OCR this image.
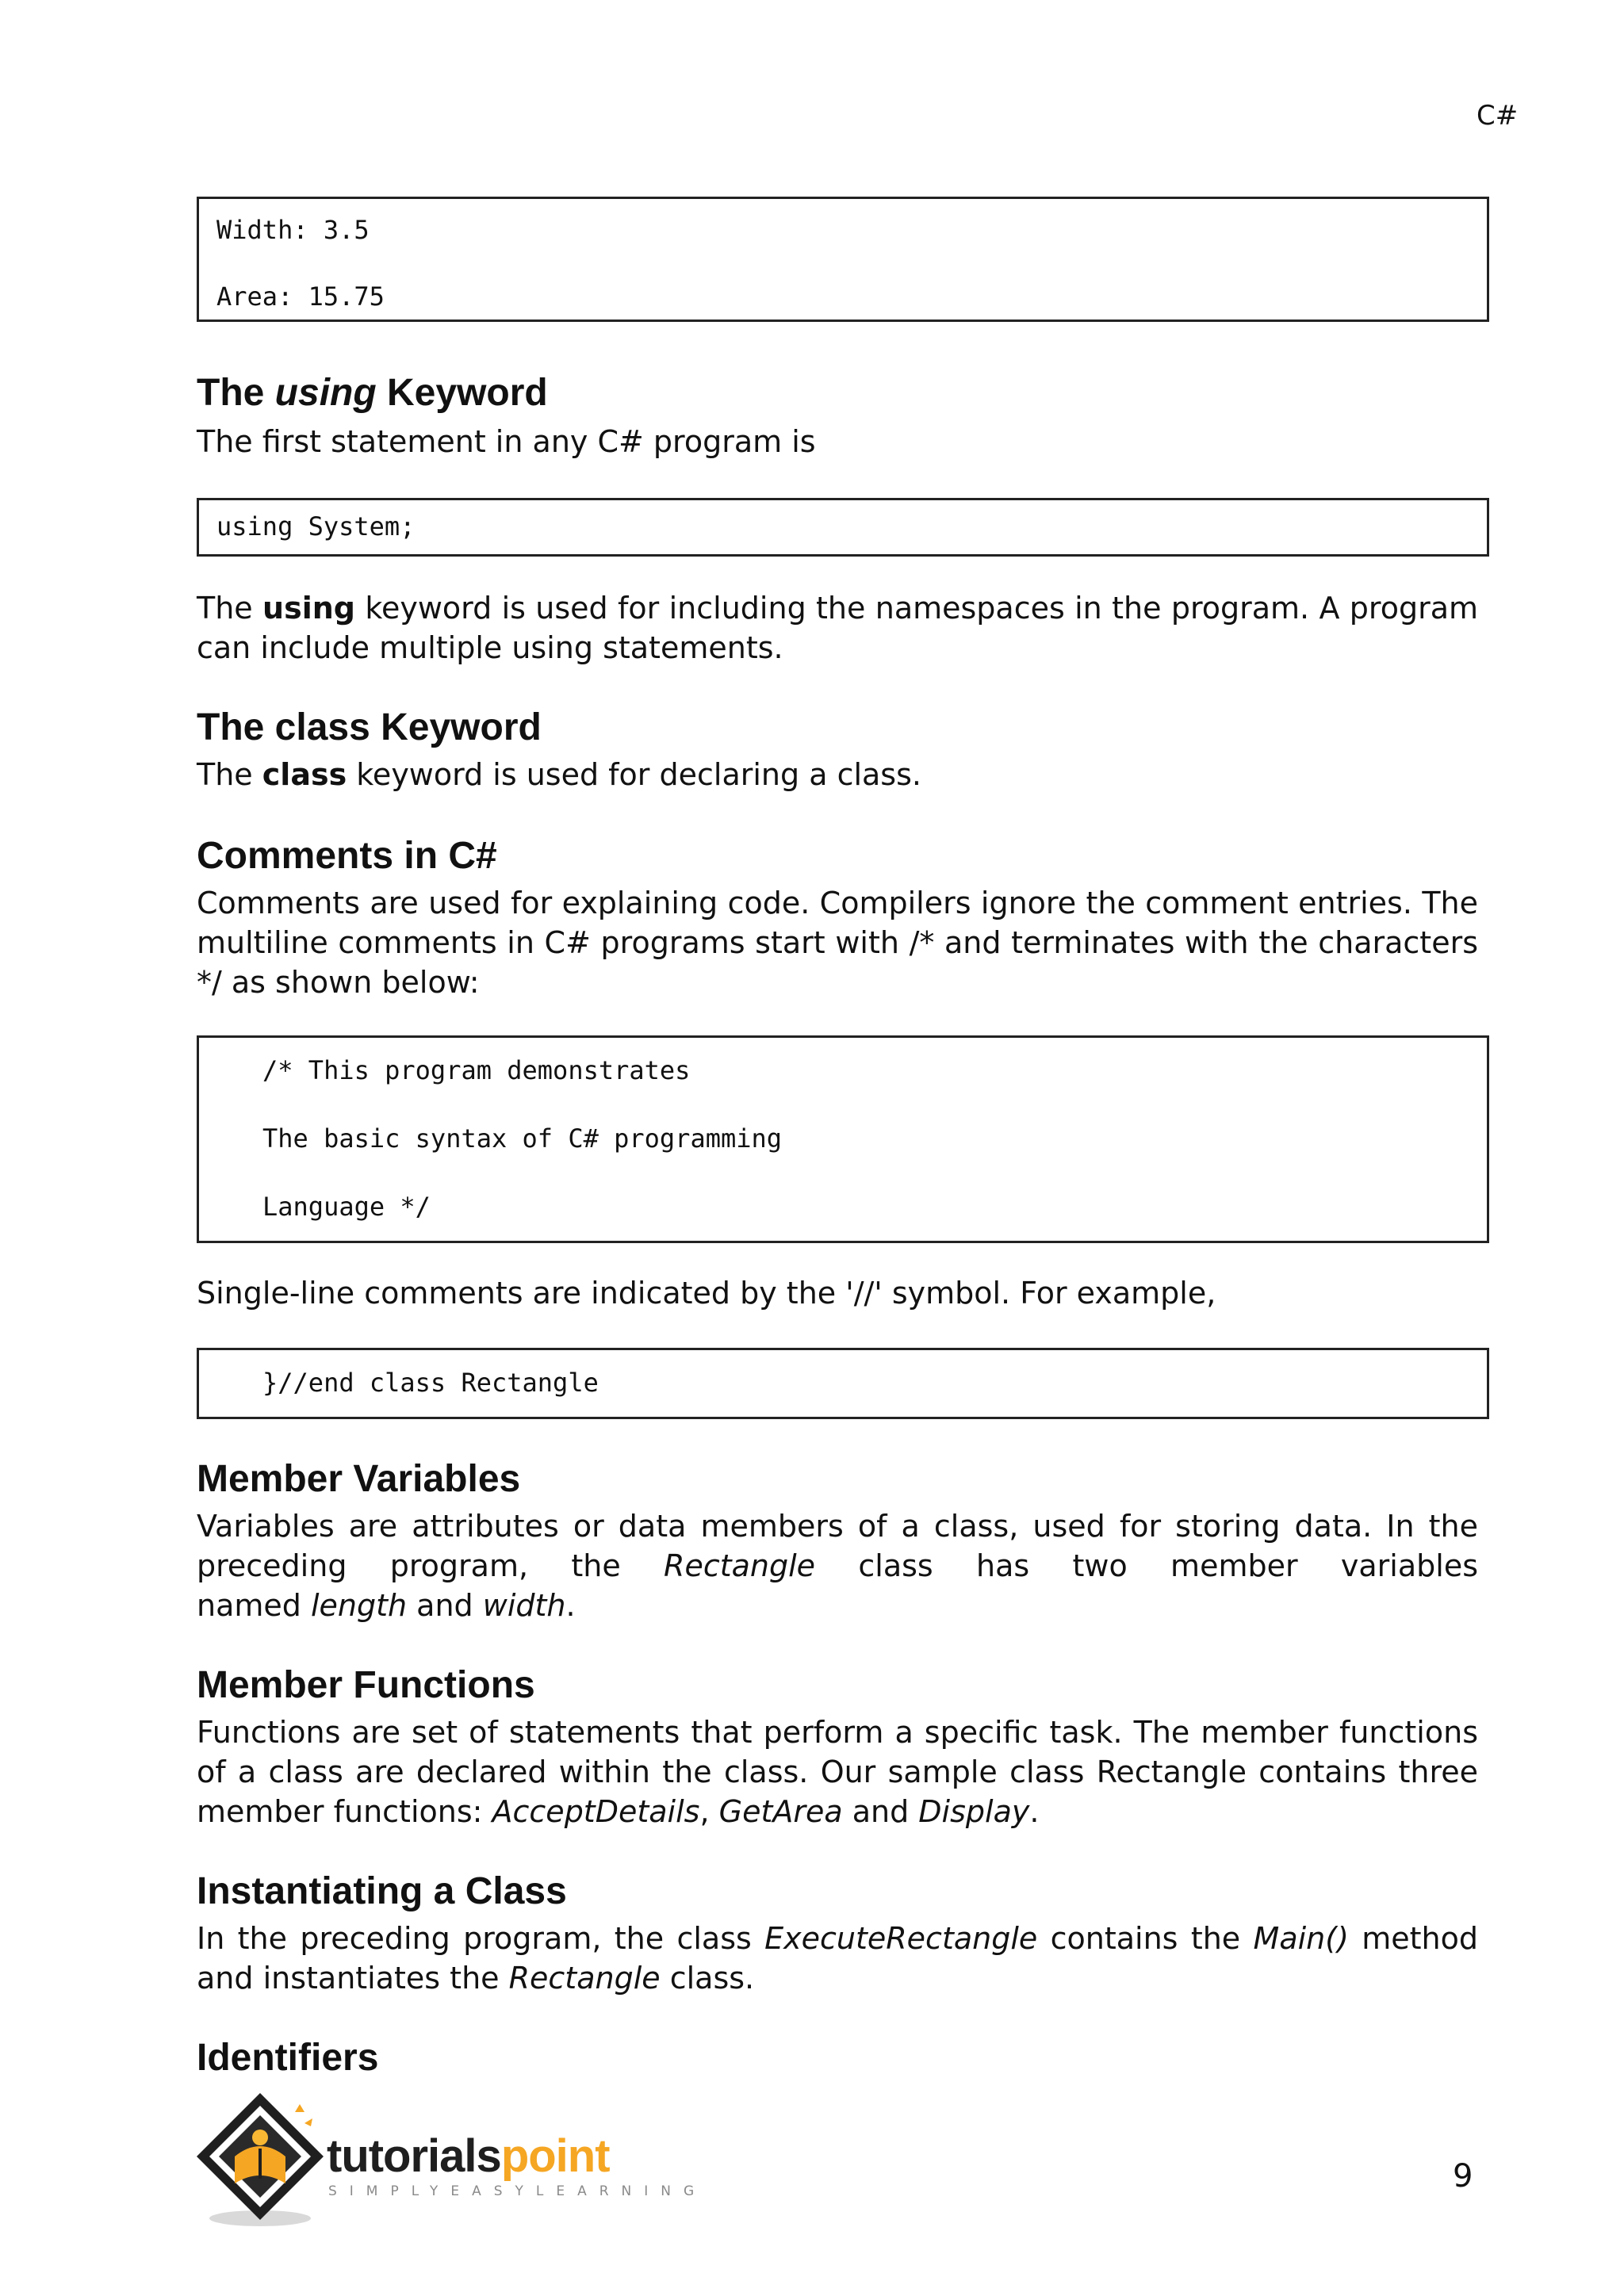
C#
Width: 3.5
Area: 15.75
The using Keyword

The first statement in any C# program is

using System;

The using keyword is used for including the namespaces in the program. A program
can include multiple using statements.

The class Keyword

The class keyword is used for declaring a class.

Comments in C#

Comments are used for explaining code. Compilers ignore the comment entries. The
multiline comments in C# programs start with /* and terminates with the characters
*/ as shown below:

/* This program demonstrates
The basic syntax of C# programming
Language */

Single-line comments are indicated by the '//' symbol. For example,

}//end class Rectangle
Member Variables

Variables are attributes or data members of a class, used for storing data. In the
preceding program, the Rectangle class has two member variables
named length and width.

Member Functions

Functions are set of statements that perform a specific task. The member functions
of a class are declared within the class. Our sample class Rectangle contains three
member functions: AcceptDetails, GetArea and Display.

Instantiating a Class

In the preceding program, the class ExecuteRectangle contains the Main() method
and instantiates the Rectangle class.

Identifiers
tutorialspoint
SIMPLYEASYLEARNING	9
